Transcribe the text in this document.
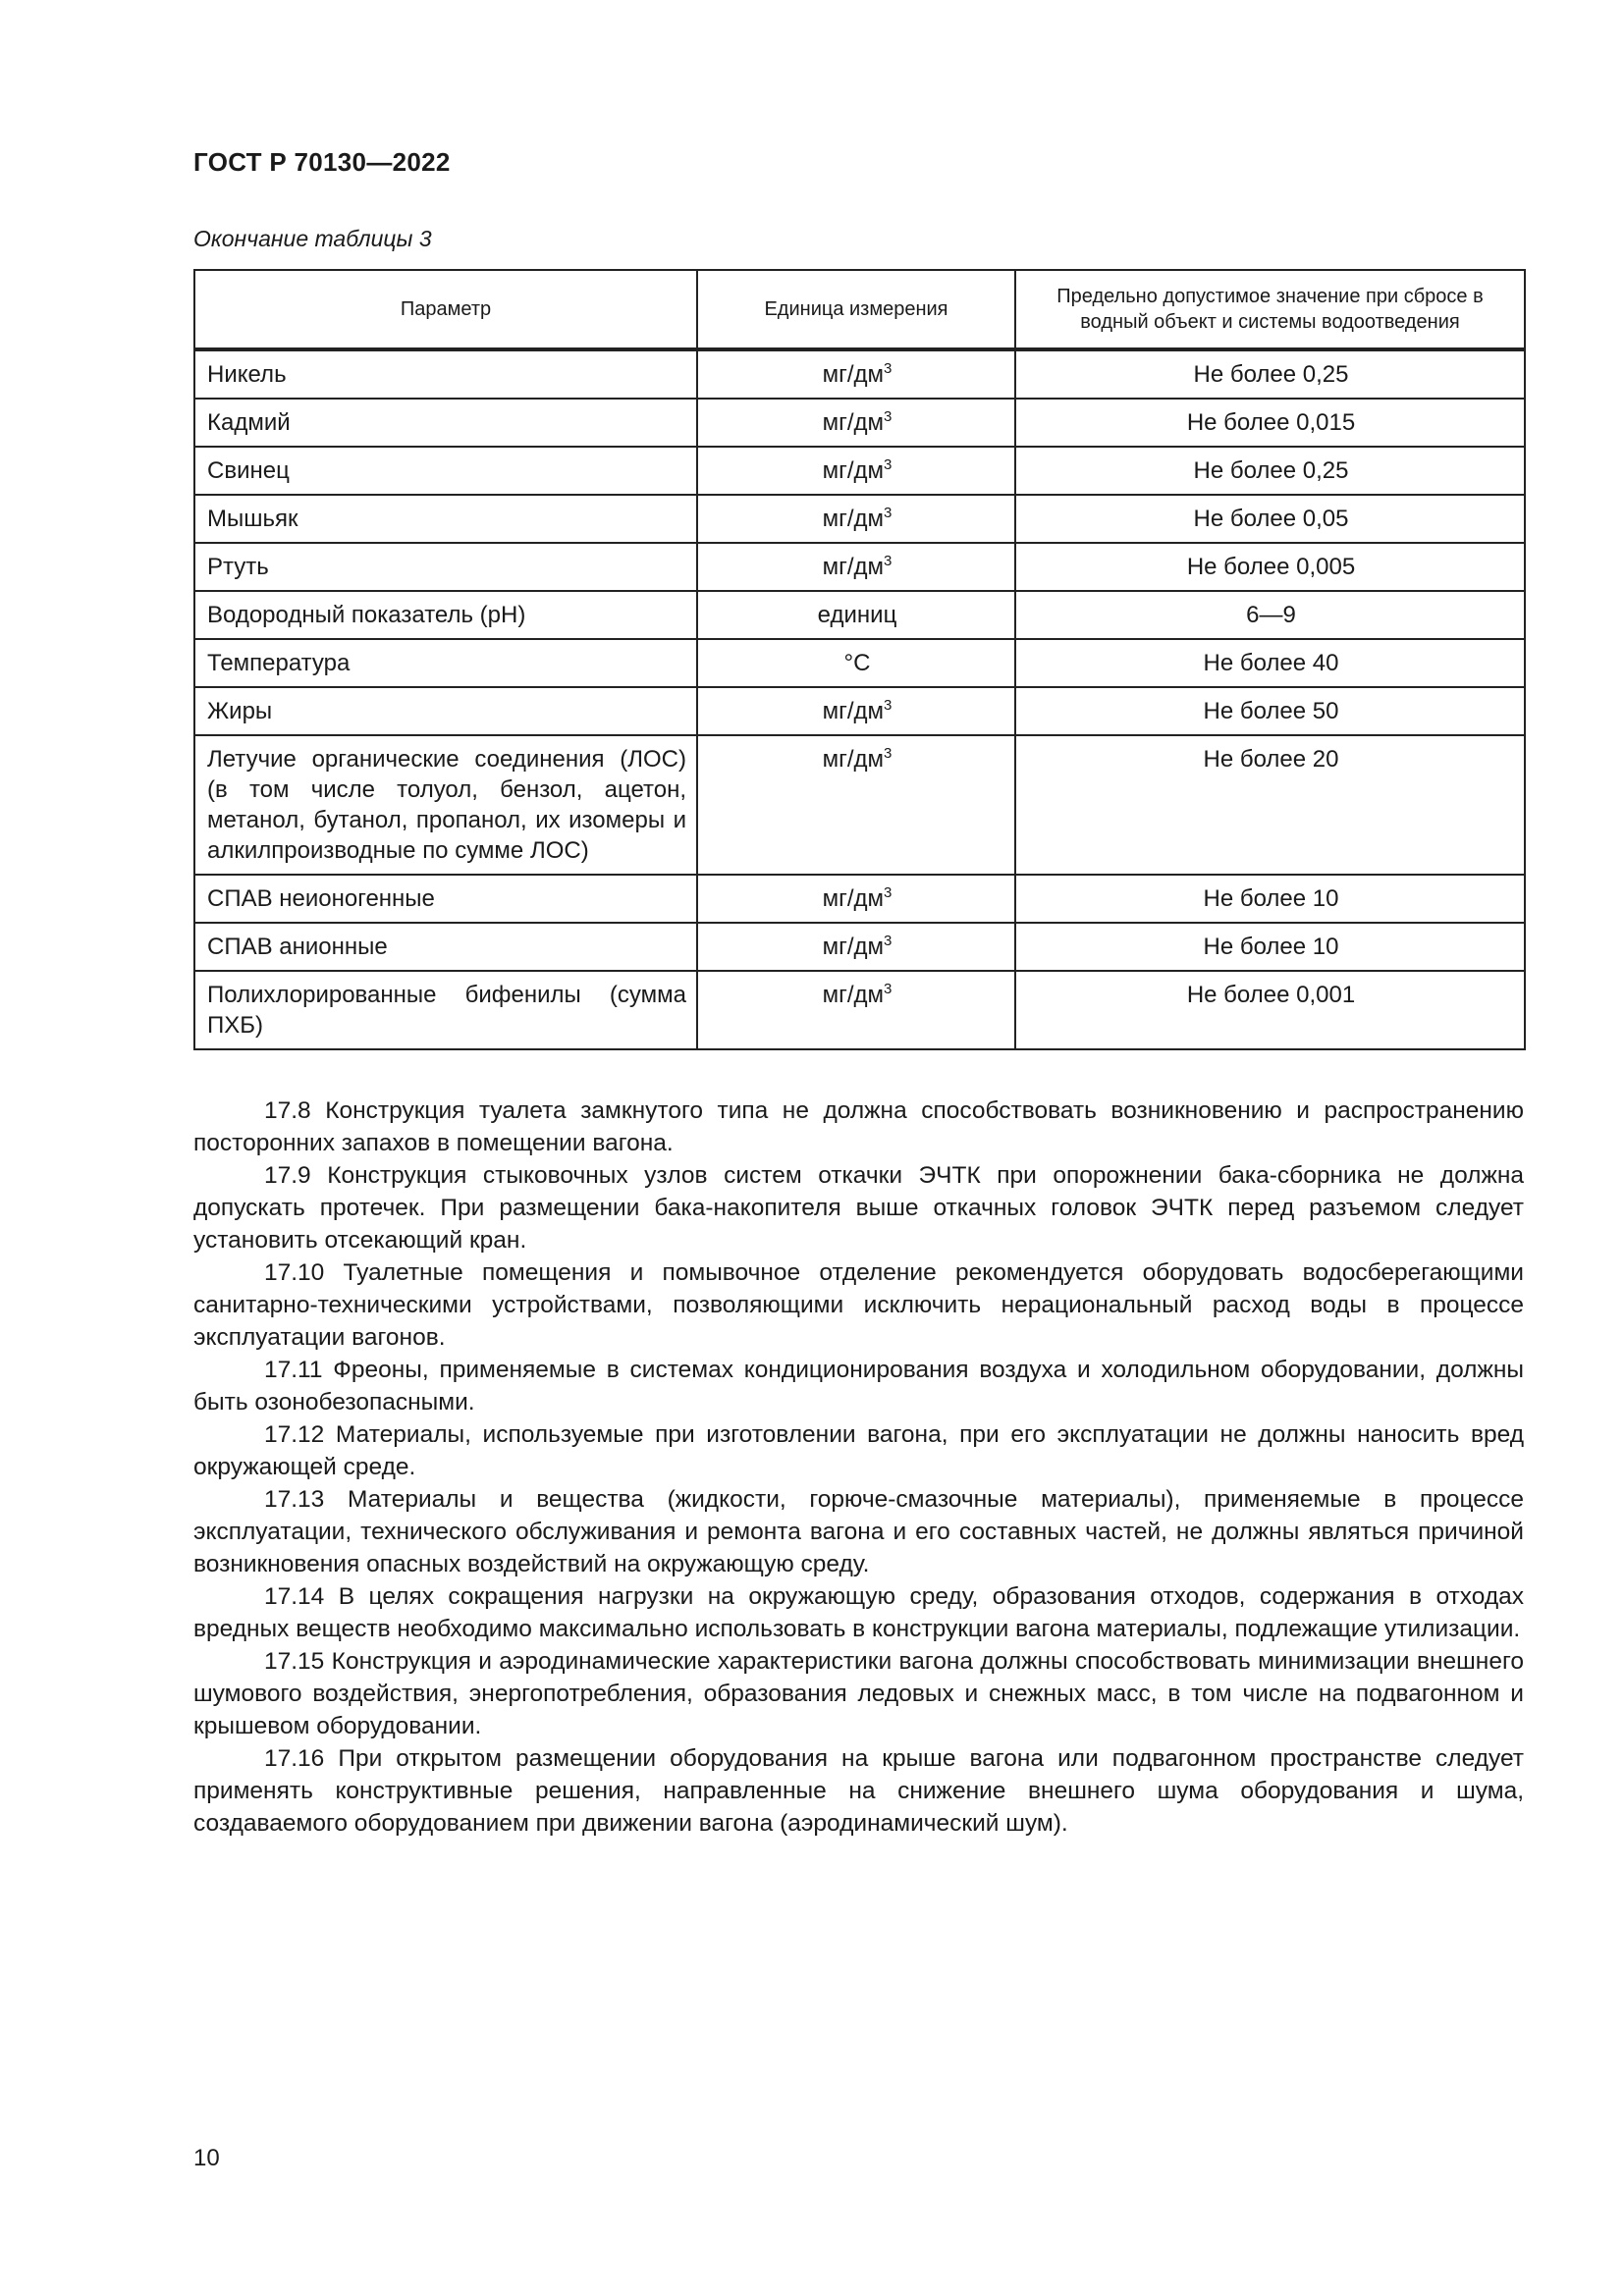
ГОСТ Р 70130—2022
Окончание таблицы 3
Параметр	Единица измерения	Предельно допустимое значение при сбросе в водный объект и системы водоотведения
Никель	$мг/дм^3$	Не более 0,25
Кадмий	$мг/дм^3$	Не более 0,015
Свинец	$мг/дм^3$	Не более 0,25
Мышьяк	$мг/дм^3$	Не более 0,05
Ртуть	$мг/дм^3$	Не более 0,005
Водородный показатель (рН)	единиц	6—9
Температура	°С	Не более 40
Жиры	$мг/дм^3$	Не более 50
Летучие органические соединения (ЛОС) (в том числе толуол, бензол, ацетон, метанол, бутанол, пропанол, их изомеры и алкилпроизводные по сумме ЛОС)	$мг/дм^3$	Не более 20
СПАВ неионогенные	$мг/дм^3$	Не более 10
СПАВ анионные	$мг/дм^3$	Не более 10
Полихлорированные бифенилы (сумма ПХБ)	$мг/дм^3$	Не более 0,001

17.8 Конструкция туалета замкнутого типа не должна способствовать возникновению и распространению посторонних запахов в помещении вагона.

17.9 Конструкция стыковочных узлов систем откачки ЭЧТК при опорожнении бака-сборника не должна допускать протечек. При размещении бака-накопителя выше откачных головок ЭЧТК перед разъемом следует установить отсекающий кран.

17.10 Туалетные помещения и помывочное отделение рекомендуется оборудовать водосберегающими санитарно-техническими устройствами, позволяющими исключить нерациональный расход воды в процессе эксплуатации вагонов.

17.11 Фреоны, применяемые в системах кондиционирования воздуха и холодильном оборудовании, должны быть озонобезопасными.

17.12 Материалы, используемые при изготовлении вагона, при его эксплуатации не должны наносить вред окружающей среде.

17.13 Материалы и вещества (жидкости, горюче-смазочные материалы), применяемые в процессе эксплуатации, технического обслуживания и ремонта вагона и его составных частей, не должны являться причиной возникновения опасных воздействий на окружающую среду.

17.14 В целях сокращения нагрузки на окружающую среду, образования отходов, содержания в отходах вредных веществ необходимо максимально использовать в конструкции вагона материалы, подлежащие утилизации.

17.15 Конструкция и аэродинамические характеристики вагона должны способствовать минимизации внешнего шумового воздействия, энергопотребления, образования ледовых и снежных масс, в том числе на подвагонном и крышевом оборудовании.

17.16 При открытом размещении оборудования на крыше вагона или подвагонном пространстве следует применять конструктивные решения, направленные на снижение внешнего шума оборудования и шума, создаваемого оборудованием при движении вагона (аэродинамический шум).

10
